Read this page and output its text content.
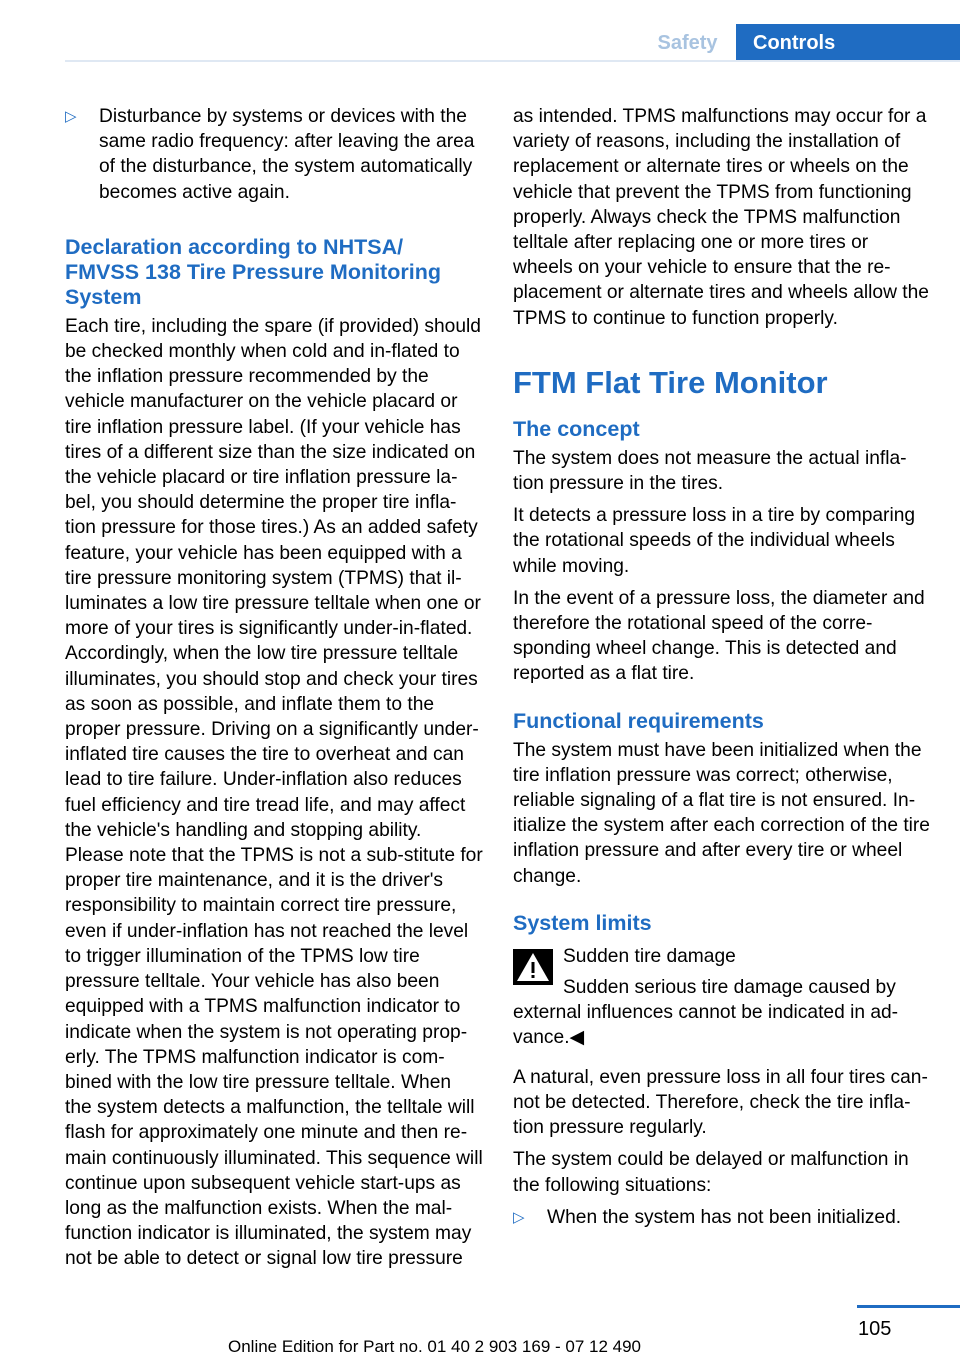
Safety	Controls
▷ Disturbance by systems or devices with the same radio frequency: after leaving the area of the disturbance, the system automatically becomes active again.
Declaration according to NHTSA/ FMVSS 138 Tire Pressure Monitoring System

Each tire, including the spare (if provided) should be checked monthly when cold and in-flated to the inflation pressure recommended by the vehicle manufacturer on the vehicle placard or tire inflation pressure label. (If your vehicle has tires of a different size than the size indicated on the vehicle placard or tire inflation pressure la-bel, you should determine the proper tire infla-tion pressure for those tires.) As an added safety feature, your vehicle has been equipped with a tire pressure monitoring system (TPMS) that il-luminates a low tire pressure telltale when one or more of your tires is significantly under-in-flated. Accordingly, when the low tire pressure telltale illuminates, you should stop and check your tires as soon as possible, and inflate them to the proper pressure. Driving on a significantly under-inflated tire causes the tire to overheat and can lead to tire failure. Under-inflation also reduces fuel efficiency and tire tread life, and may affect the vehicle's handling and stopping ability. Please note that the TPMS is not a sub-stitute for proper tire maintenance, and it is the driver's responsibility to maintain correct tire pressure, even if under-inflation has not reached the level to trigger illumination of the TPMS low tire pressure telltale. Your vehicle has also been equipped with a TPMS malfunction indicator to indicate when the system is not operating prop-erly. The TPMS malfunction indicator is com-bined with the low tire pressure telltale. When the system detects a malfunction, the telltale will flash for approximately one minute and then re-main continuously illuminated. This sequence will continue upon subsequent vehicle start-ups as long as the malfunction exists. When the mal-function indicator is illuminated, the system may not be able to detect or signal low tire pressure

as intended. TPMS malfunctions may occur for a variety of reasons, including the installation of replacement or alternate tires or wheels on the vehicle that prevent the TPMS from functioning properly. Always check the TPMS malfunction telltale after replacing one or more tires or wheels on your vehicle to ensure that the re-placement or alternate tires and wheels allow the TPMS to continue to function properly.

FTM Flat Tire Monitor
The concept

The system does not measure the actual infla-tion pressure in the tires.

It detects a pressure loss in a tire by comparing the rotational speeds of the individual wheels while moving.

In the event of a pressure loss, the diameter and therefore the rotational speed of the corre-sponding wheel change. This is detected and reported as a flat tire.

Functional requirements

The system must have been initialized when the tire inflation pressure was correct; otherwise, reliable signaling of a flat tire is not ensured. In-itialize the system after each correction of the tire inflation pressure and after every tire or wheel change.

System limits

Sudden tire damage

Sudden serious tire damage caused by external influences cannot be indicated in ad-vance.◀

A natural, even pressure loss in all four tires can-not be detected. Therefore, check the tire infla-tion pressure regularly.

The system could be delayed or malfunction in the following situations:

▷ When the system has not been initialized.
105
Online Edition for Part no. 01 40 2 903 169 - 07 12 490
